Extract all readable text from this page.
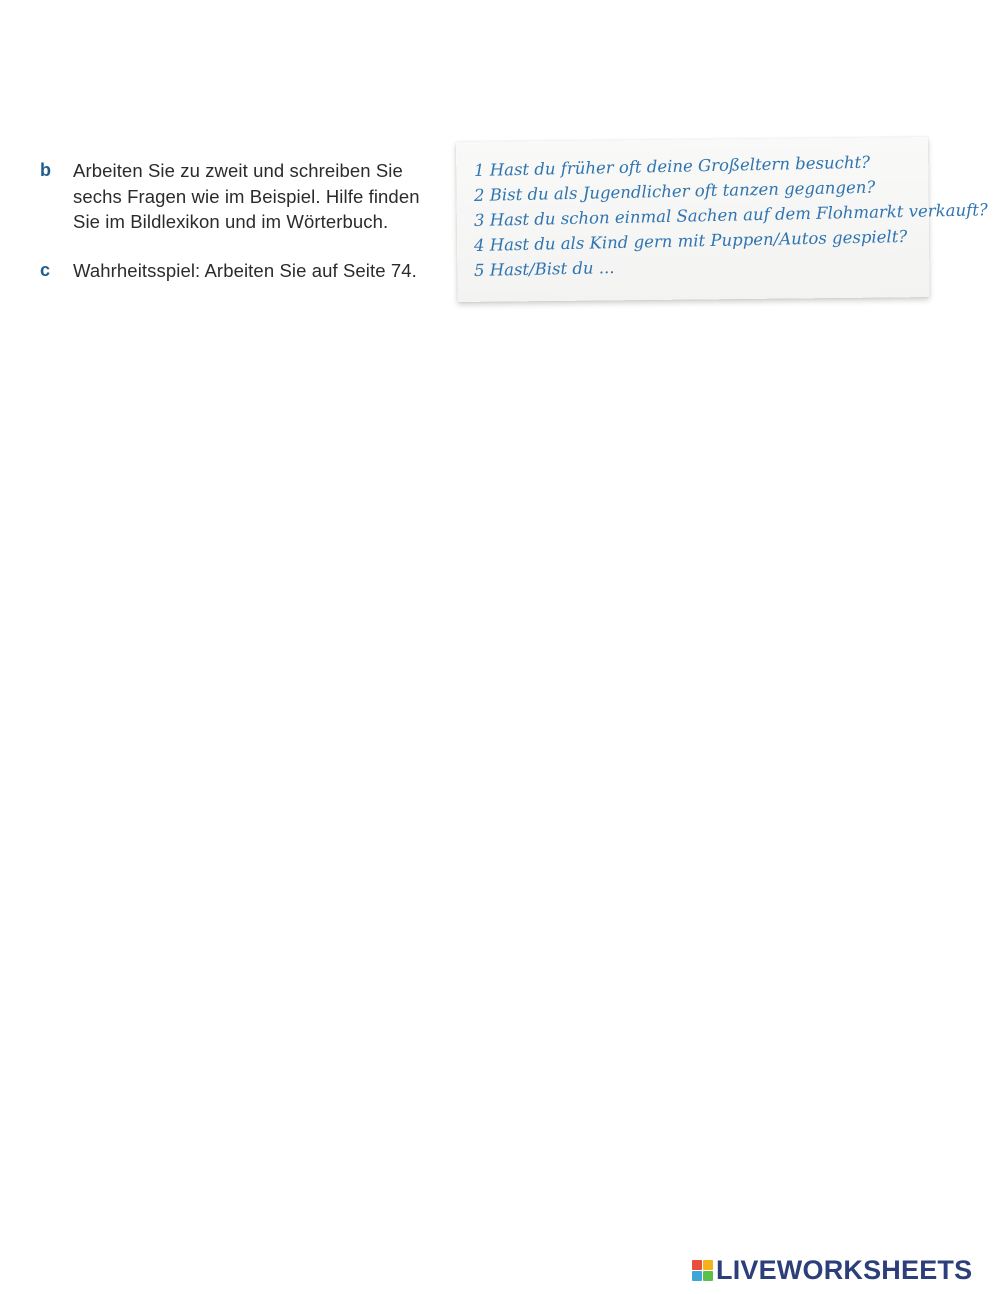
b	Arbeiten Sie zu zweit und schreiben Sie
sechs Fragen wie im Beispiel. Hilfe finden
Sie im Bildlexikon und im Wörterbuch.
c	Wahrheitsspiel: Arbeiten Sie auf Seite 74.
1 Hast du früher oft deine Großeltern besucht?
2 Bist du als Jugendlicher oft tanzen gegangen?
3 Hast du schon einmal Sachen auf dem Flohmarkt verkauft?
4 Hast du als Kind gern mit Puppen/Autos gespielt?
5 Hast/Bist du ...
LIVEWORKSHEETS
